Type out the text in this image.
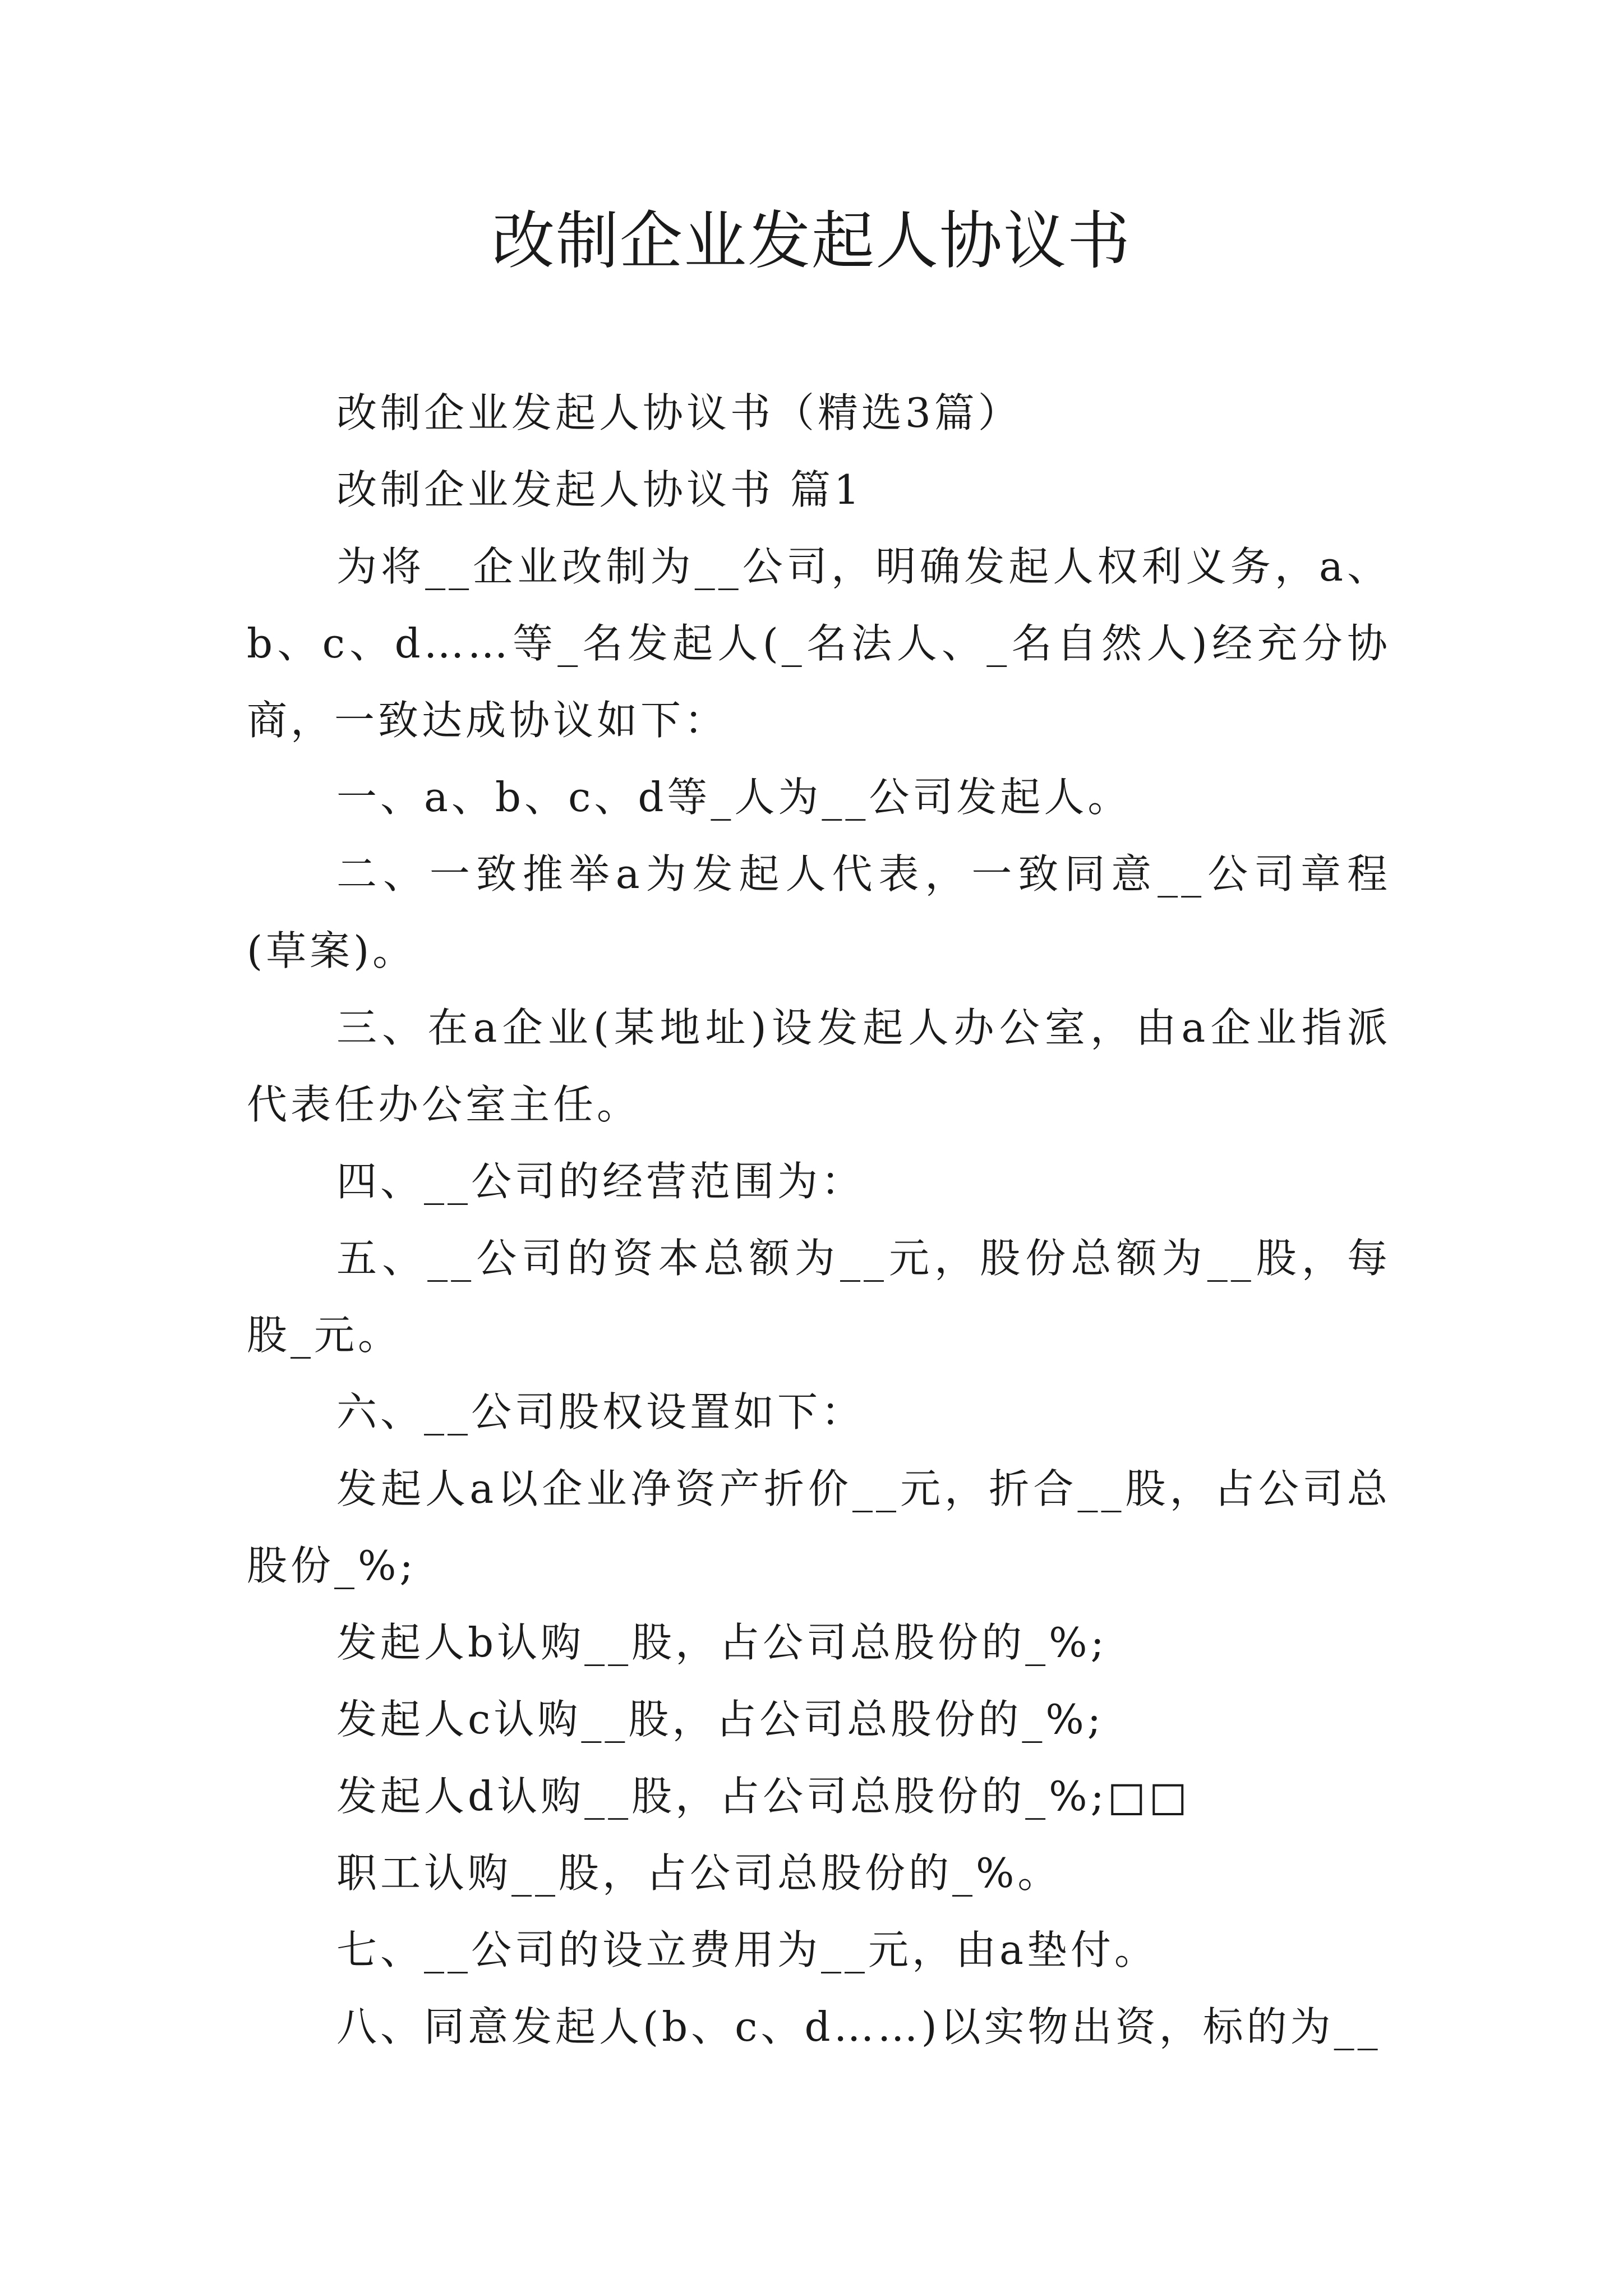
改制企业发起人协议书

改制企业发起人协议书（精选3篇）

改制企业发起人协议书 篇1

为将__企业改制为__公司，明确发起人权利义务，a、b、c、d……等_名发起人(_名法人、_名自然人)经充分协商，一致达成协议如下：

一、a、b、c、d等_人为__公司发起人。

二、一致推举a为发起人代表，一致同意__公司章程(草案)。

三、在a企业(某地址)设发起人办公室，由a企业指派代表任办公室主任。

四、__公司的经营范围为：

五、__公司的资本总额为__元，股份总额为__股，每股_元。

六、__公司股权设置如下：

发起人a以企业净资产折价__元，折合__股，占公司总股份_%;

发起人b认购__股，占公司总股份的_%;

发起人c认购__股，占公司总股份的_%;

发起人d认购__股，占公司总股份的_%;□□

职工认购__股，占公司总股份的_%。

七、__公司的设立费用为__元，由a垫付。

八、同意发起人(b、c、d……)以实物出资，标的为__
